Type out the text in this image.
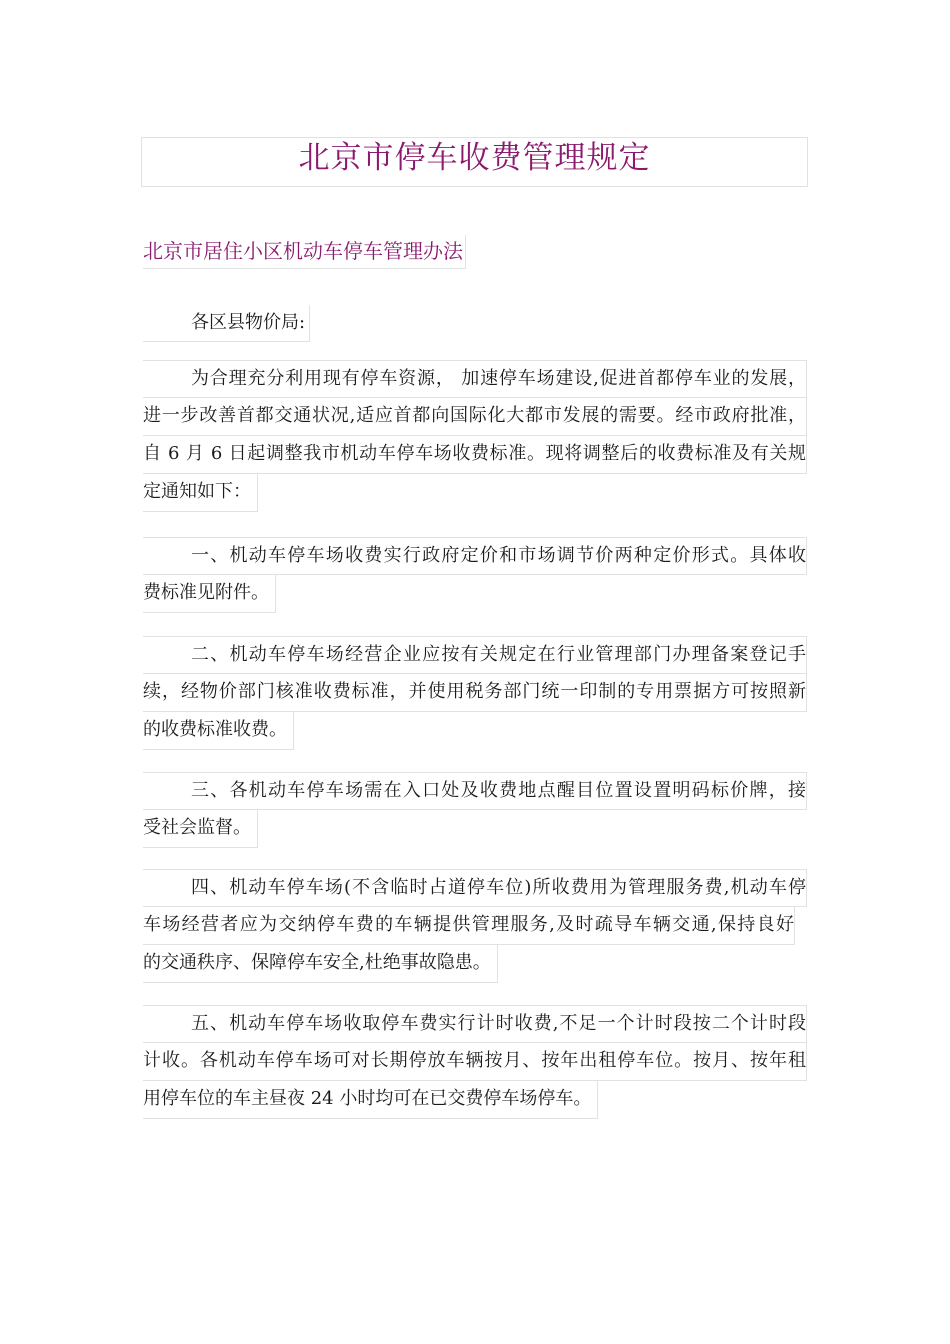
北京市停车收费管理规定
北京市居住小区机动车停车管理办法
各区县物价局:
为合理充分利用现有停车资源， 加速停车场建设,促进首都停车业的发展，
进一步改善首都交通状况,适应首都向国际化大都市发展的需要。经市政府批准，
自 6 月 6 日起调整我市机动车停车场收费标准。现将调整后的收费标准及有关规
定通知如下：
一、机动车停车场收费实行政府定价和市场调节价两种定价形式。具体收
费标准见附件。
二、机动车停车场经营企业应按有关规定在行业管理部门办理备案登记手
续，经物价部门核准收费标准，并使用税务部门统一印制的专用票据方可按照新
的收费标准收费。
三、各机动车停车场需在入口处及收费地点醒目位置设置明码标价牌，接
受社会监督。
四、机动车停车场(不含临时占道停车位)所收费用为管理服务费,机动车停
车场经营者应为交纳停车费的车辆提供管理服务,及时疏导车辆交通,保持良好
的交通秩序、保障停车安全,杜绝事故隐患。
五、机动车停车场收取停车费实行计时收费,不足一个计时段按二个计时段
计收。各机动车停车场可对长期停放车辆按月、按年出租停车位。按月、按年租
用停车位的车主昼夜 24 小时均可在已交费停车场停车。
